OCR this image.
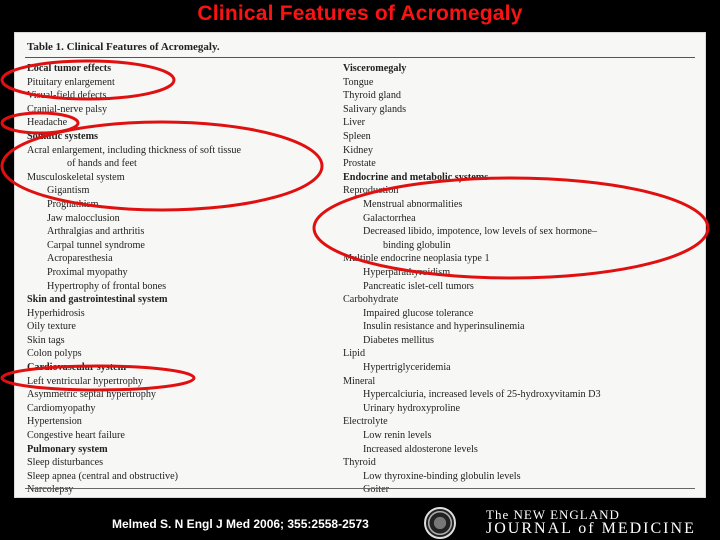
Clinical Features of Acromegaly
Table 1. Clinical Features of Acromegaly.
Local tumor effects
Pituitary enlargement
Visual-field defects
Cranial-nerve palsy
Headache
Somatic systems
Acral enlargement, including thickness of soft tissue
of hands and feet
Musculoskeletal system
Gigantism
Prognathism
Jaw malocclusion
Arthralgias and arthritis
Carpal tunnel syndrome
Acroparesthesia
Proximal myopathy
Hypertrophy of frontal bones
Skin and gastrointestinal system
Hyperhidrosis
Oily texture
Skin tags
Colon polyps
Cardiovascular system
Left ventricular hypertrophy
Asymmetric septal hypertrophy
Cardiomyopathy
Hypertension
Congestive heart failure
Pulmonary system
Sleep disturbances
Sleep apnea (central and obstructive)
Narcolepsy
Visceromegaly
Tongue
Thyroid gland
Salivary glands
Liver
Spleen
Kidney
Prostate
Endocrine and metabolic systems
Reproduction
Menstrual abnormalities
Galactorrhea
Decreased libido, impotence, low levels of sex hormone–
binding globulin
Multiple endocrine neoplasia type 1
Hyperparathyroidism
Pancreatic islet-cell tumors
Carbohydrate
Impaired glucose tolerance
Insulin resistance and hyperinsulinemia
Diabetes mellitus
Lipid
Hypertriglyceridemia
Mineral
Hypercalciuria, increased levels of 25-hydroxyvitamin D3
Urinary hydroxyproline
Electrolyte
Low renin levels
Increased aldosterone levels
Thyroid
Low thyroxine-binding globulin levels
Goiter
Melmed S. N Engl J Med 2006; 355:2558-2573
The NEW ENGLAND
JOURNAL of MEDICINE
